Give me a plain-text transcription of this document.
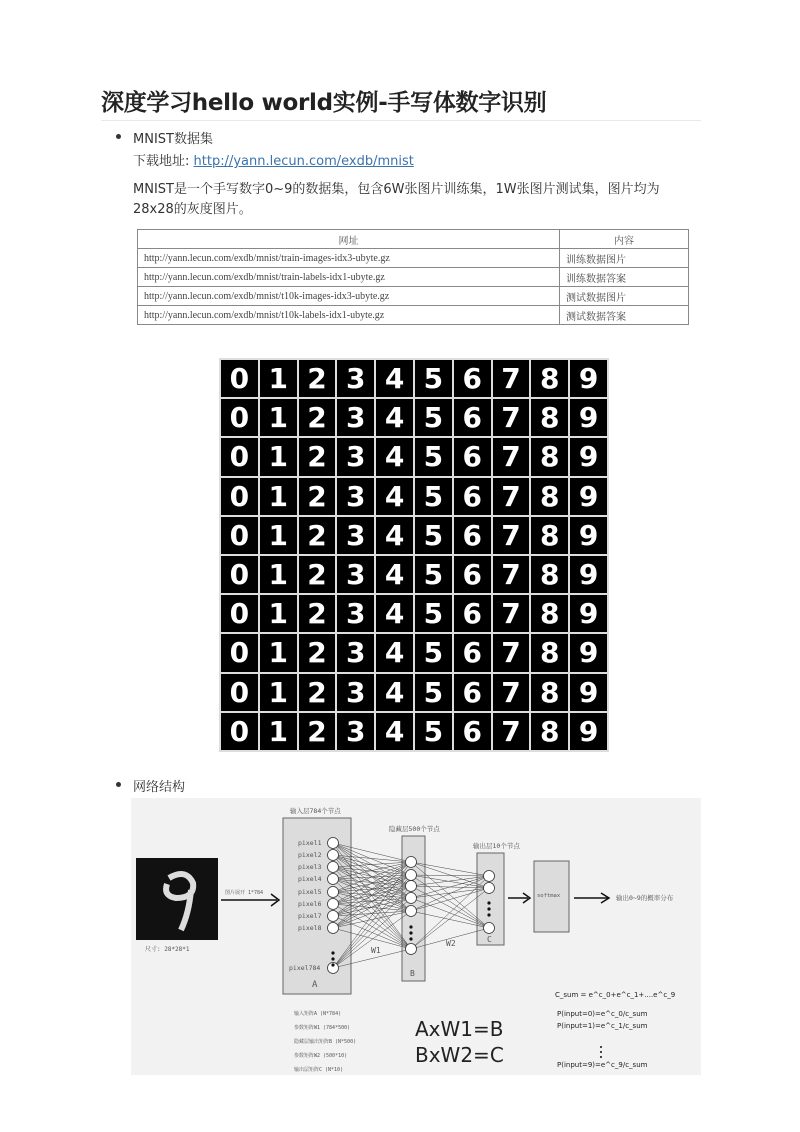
深度学习hello world实例-手写体数字识别
MNIST数据集
下载地址: http://yann.lecun.com/exdb/mnist
MNIST是一个手写数字0~9的数据集，包含6W张图片训练集，1W张图片测试集，图片均为28x28的灰度图片。
网址	内容
http://yann.lecun.com/exdb/mnist/train-images-idx3-ubyte.gz	训练数据图片
http://yann.lecun.com/exdb/mnist/train-labels-idx1-ubyte.gz	训练数据答案
http://yann.lecun.com/exdb/mnist/t10k-images-idx3-ubyte.gz	测试数据图片
http://yann.lecun.com/exdb/mnist/t10k-labels-idx1-ubyte.gz	测试数据答案
0 1 2 3 4 5 6 7 8 9
0 1 2 3 4 5 6 7 8 9
0 1 2 3 4 5 6 7 8 9
0 1 2 3 4 5 6 7 8 9
0 1 2 3 4 5 6 7 8 9
0 1 2 3 4 5 6 7 8 9
0 1 2 3 4 5 6 7 8 9
0 1 2 3 4 5 6 7 8 9
0 1 2 3 4 5 6 7 8 9
0 1 2 3 4 5 6 7 8 9
网络结构
尺寸: 28*28*1
图片展开 1*784
输入层784个节点
隐藏层500个节点
输出层10个节点
pixel1
pixel2
pixel3
pixel4
pixel5
pixel6
pixel7
pixel8
pixel784
A
B
C
W1
W2
softmax	输出0~9的概率分布
输入矩阵A (N*784)
参数矩阵W1 (784*500)
隐藏层输出矩阵B (N*500)
参数矩阵W2 (500*10)
输出层矩阵C (N*10)
AxW1=B
BxW2=C
C_sum = e^c_0+e^c_1+....e^c_9
P(input=0)=e^c_0/c_sum
P(input=1)=e^c_1/c_sum
P(input=9)=e^c_9/c_sum
